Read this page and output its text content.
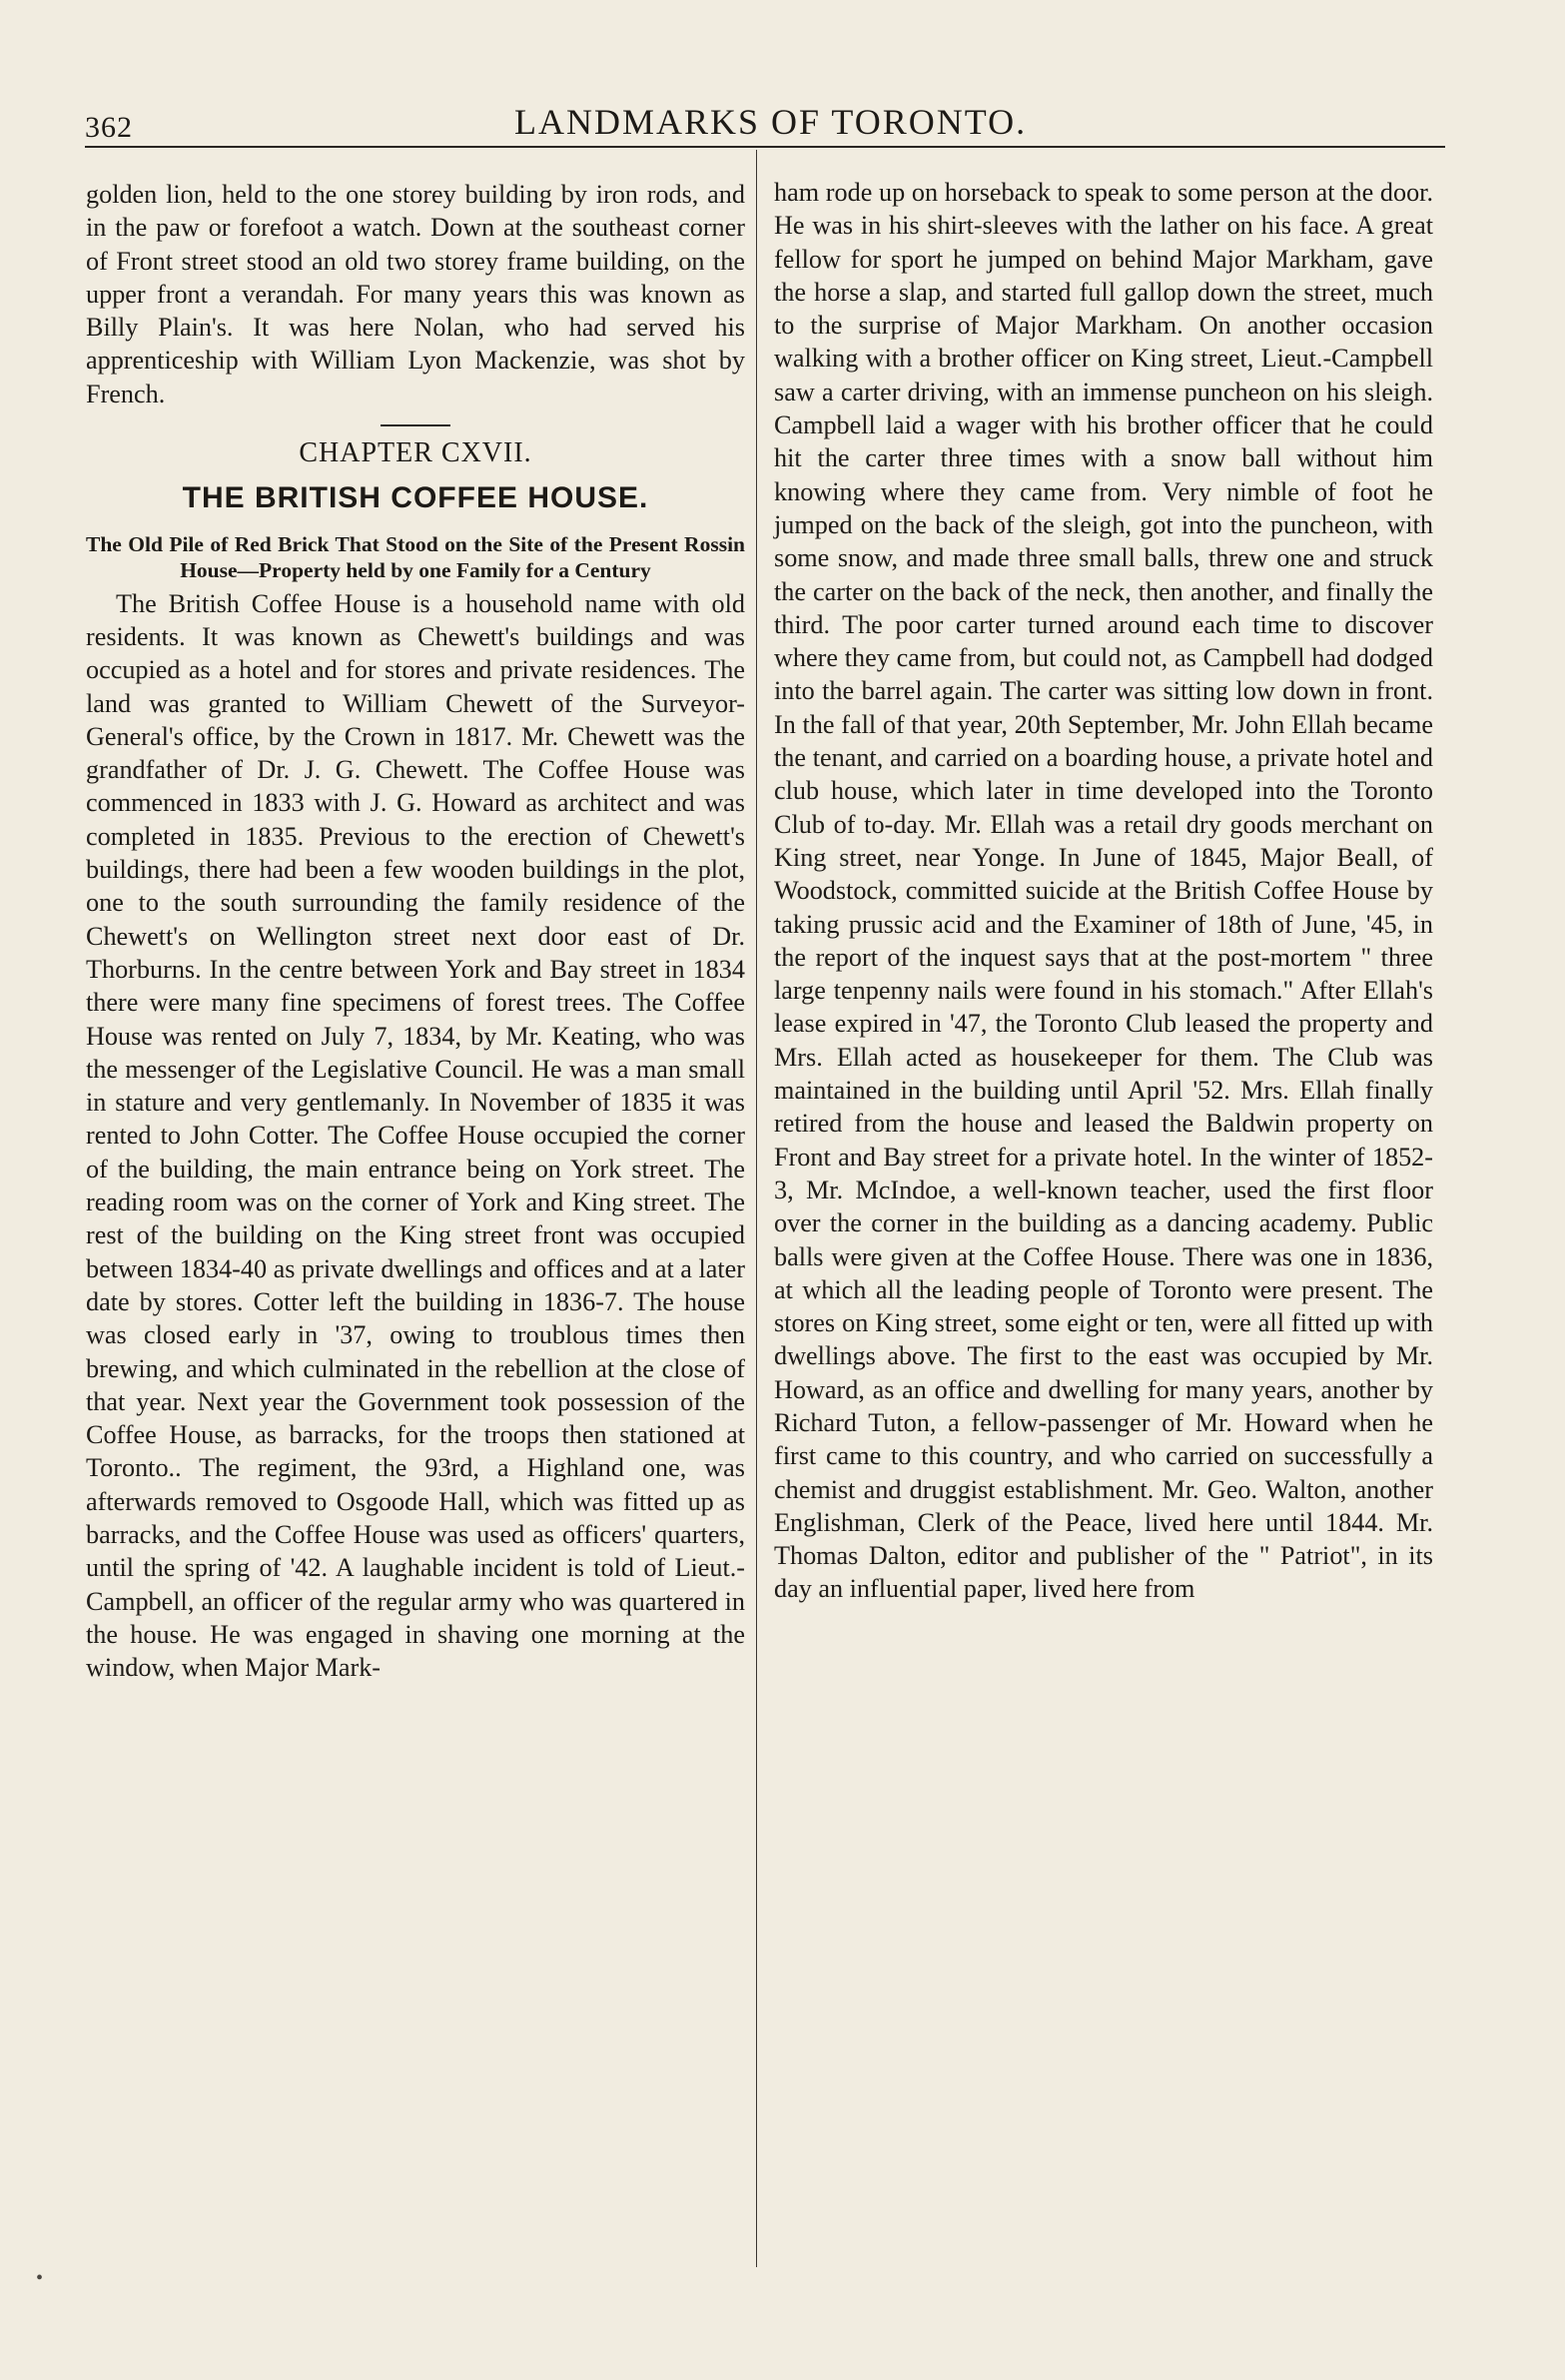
362	LANDMARKS OF TORONTO.

golden lion, held to the one storey building by iron rods, and in the paw or forefoot a watch. Down at the southeast corner of Front street stood an old two storey frame building, on the upper front a verandah. For many years this was known as Billy Plain's. It was here Nolan, who had served his apprenticeship with William Lyon Mackenzie, was shot by French.

CHAPTER CXVII.
THE BRITISH COFFEE HOUSE.

The Old Pile of Red Brick That Stood on the Site of the Present Rossin House—Property held by one Family for a Century

The British Coffee House is a household name with old residents. It was known as Chewett's buildings and was occupied as a hotel and for stores and private residences. The land was granted to William Chewett of the Surveyor-General's office, by the Crown in 1817. Mr. Chewett was the grandfather of Dr. J. G. Chewett. The Coffee House was commenced in 1833 with J. G. Howard as architect and was completed in 1835. Previous to the erection of Chewett's buildings, there had been a few wooden buildings in the plot, one to the south surrounding the family residence of the Chewett's on Wellington street next door east of Dr. Thorburns. In the centre between York and Bay street in 1834 there were many fine specimens of forest trees. The Coffee House was rented on July 7, 1834, by Mr. Keating, who was the messenger of the Legislative Council. He was a man small in stature and very gentlemanly. In November of 1835 it was rented to John Cotter. The Coffee House occupied the corner of the building, the main entrance being on York street. The reading room was on the corner of York and King street. The rest of the building on the King street front was occupied between 1834-40 as private dwellings and offices and at a later date by stores. Cotter left the building in 1836-7. The house was closed early in '37, owing to troublous times then brewing, and which culminated in the rebellion at the close of that year. Next year the Government took possession of the Coffee House, as barracks, for the troops then stationed at Toronto.. The regiment, the 93rd, a Highland one, was afterwards removed to Osgoode Hall, which was fitted up as barracks, and the Coffee House was used as officers' quarters, until the spring of '42. A laughable incident is told of Lieut.-Campbell, an officer of the regular army who was quartered in the house. He was engaged in shaving one morning at the window, when Major Mark-

ham rode up on horseback to speak to some person at the door. He was in his shirt-sleeves with the lather on his face. A great fellow for sport he jumped on behind Major Markham, gave the horse a slap, and started full gallop down the street, much to the surprise of Major Markham. On another occasion walking with a brother officer on King street, Lieut.-Campbell saw a carter driving, with an immense puncheon on his sleigh. Campbell laid a wager with his brother officer that he could hit the carter three times with a snow ball without him knowing where they came from. Very nimble of foot he jumped on the back of the sleigh, got into the puncheon, with some snow, and made three small balls, threw one and struck the carter on the back of the neck, then another, and finally the third. The poor carter turned around each time to discover where they came from, but could not, as Campbell had dodged into the barrel again. The carter was sitting low down in front. In the fall of that year, 20th September, Mr. John Ellah became the tenant, and carried on a boarding house, a private hotel and club house, which later in time developed into the Toronto Club of to-day. Mr. Ellah was a retail dry goods merchant on King street, near Yonge. In June of 1845, Major Beall, of Woodstock, committed suicide at the British Coffee House by taking prussic acid and the Examiner of 18th of June, '45, in the report of the inquest says that at the post-mortem " three large tenpenny nails were found in his stomach." After Ellah's lease expired in '47, the Toronto Club leased the property and Mrs. Ellah acted as housekeeper for them. The Club was maintained in the building until April '52. Mrs. Ellah finally retired from the house and leased the Baldwin property on Front and Bay street for a private hotel. In the winter of 1852-3, Mr. McIndoe, a well-known teacher, used the first floor over the corner in the building as a dancing academy. Public balls were given at the Coffee House. There was one in 1836, at which all the leading people of Toronto were present. The stores on King street, some eight or ten, were all fitted up with dwellings above. The first to the east was occupied by Mr. Howard, as an office and dwelling for many years, another by Richard Tuton, a fellow-passenger of Mr. Howard when he first came to this country, and who carried on successfully a chemist and druggist establishment. Mr. Geo. Walton, another Englishman, Clerk of the Peace, lived here until 1844. Mr. Thomas Dalton, editor and publisher of the " Patriot", in its day an influential paper, lived here from

•
